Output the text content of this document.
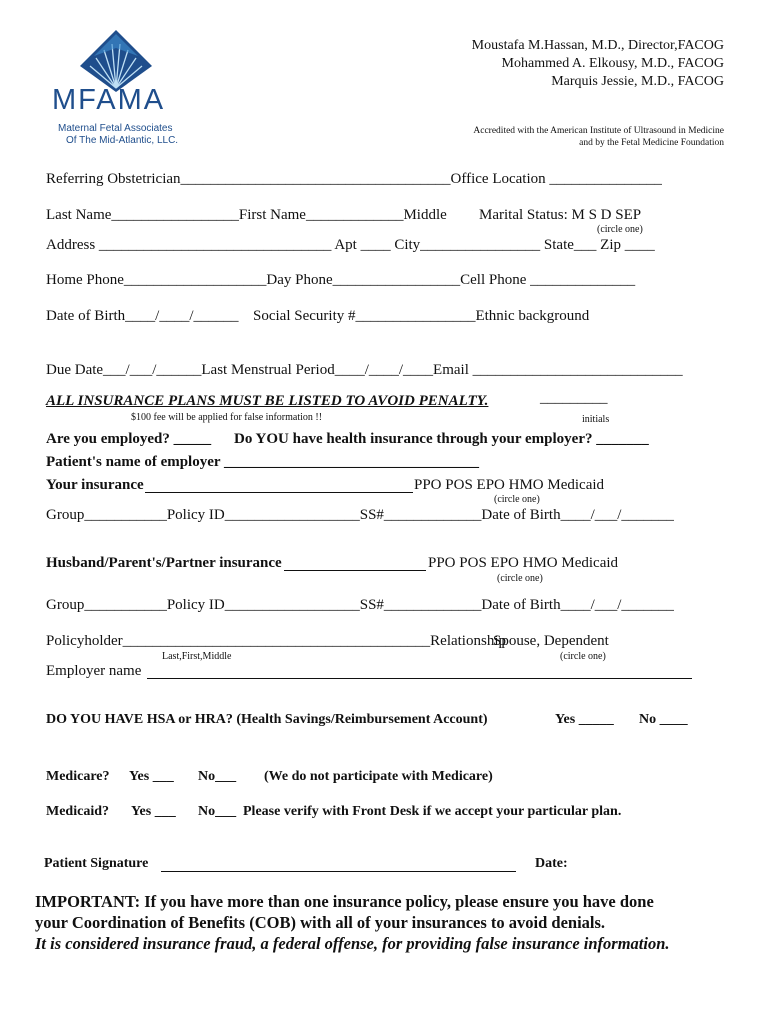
MFAMA
Maternal Fetal Associates
Of The Mid-Atlantic, LLC.
Moustafa M.Hassan, M.D., Director,FACOG
Mohammed A. Elkousy, M.D., FACOG
Marquis Jessie, M.D., FACOG
Accredited with the American Institute of Ultrasound in Medicine
and by the Fetal Medicine Foundation
Referring Obstetrician____________________________________Office Location _______________
Last Name_________________First Name_____________Middle Marital Status: M S D SEP
(circle one)
Address _______________________________ Apt ____ City________________ State___ Zip ____
Home Phone___________________Day Phone_________________Cell Phone ______________
Date of Birth____/____/______ Social Security #________________Ethnic background
Due Date___/___/______Last Menstrual Period____/____/____Email ____________________________
ALL INSURANCE PLANS MUST BE LISTED TO AVOID PENALTY.	_________
$100 fee will be applied for false information !!	initials
Are you employed? _____ Do YOU have health insurance through your employer? _______
Patient's name of employer __________________________________
Your insurance	PPO POS EPO HMO Medicaid
(circle one)
Group___________Policy ID__________________SS#_____________Date of Birth____/___/_______
Husband/Parent's/Partner insurance	PPO POS EPO HMO Medicaid
(circle one)
Group___________Policy ID__________________SS#_____________Date of Birth____/___/_______
Policyholder_________________________________________Relationship
Spouse, Dependent
Last,First,Middle	(circle one)
Employer name
DO YOU HAVE HSA or HRA? (Health Savings/Reimbursement Account)	Yes _____ No ____
Medicare? Yes ___ No___ (We do not participate with Medicare)
Medicaid? Yes ___ No___ Please verify with Front Desk if we accept your particular plan.
Patient Signature	Date:
IMPORTANT: If you have more than one insurance policy, please ensure you have done
your Coordination of Benefits (COB) with all of your insurances to avoid denials.
It is considered insurance fraud, a federal offense, for providing false insurance information.
